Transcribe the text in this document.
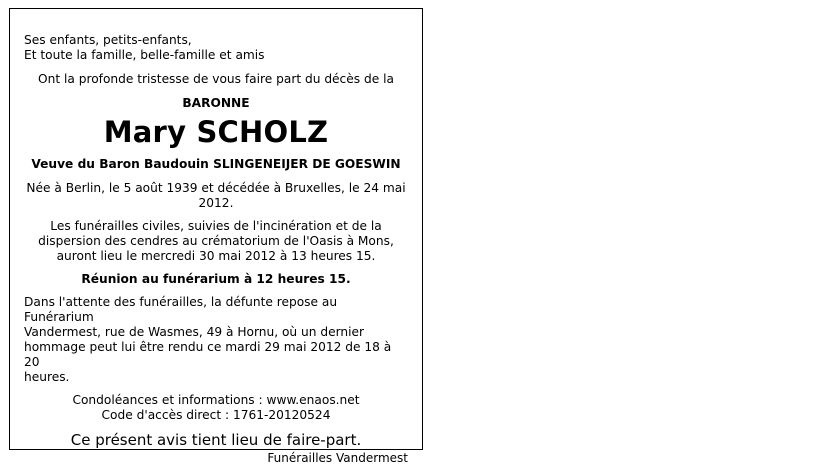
Ses enfants, petits-enfants,
Et toute la famille, belle-famille et amis
Ont la profonde tristesse de vous faire part du décès de la
BARONNE
Mary SCHOLZ
Veuve du Baron Baudouin SLINGENEIJER DE GOESWIN
Née à Berlin, le 5 août 1939 et décédée à Bruxelles, le 24 mai
2012.
Les funérailles civiles, suivies de l'incinération et de la
dispersion des cendres au crématorium de l'Oasis à Mons,
auront lieu le mercredi 30 mai 2012 à 13 heures 15.
Réunion au funérarium à 12 heures 15.
Dans l'attente des funérailles, la défunte repose au Funérarium
Vandermest, rue de Wasmes, 49 à Hornu, où un dernier
hommage peut lui être rendu ce mardi 29 mai 2012 de 18 à 20
heures.
Condoléances et informations : www.enaos.net
Code d'accès direct : 1761-20120524
Ce présent avis tient lieu de faire-part.
Funérailles Vandermest
